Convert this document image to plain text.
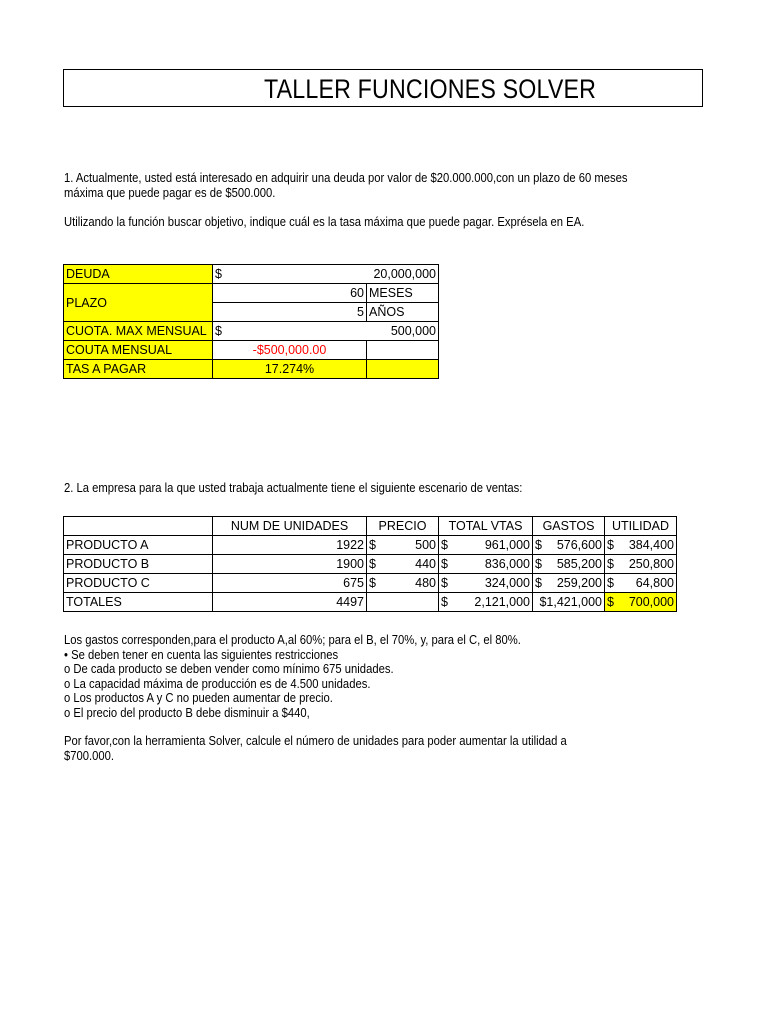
TALLER FUNCIONES SOLVER
1. Actualmente, usted está interesado en adquirir una deuda por valor de $20.000.000,con un plazo de 60 meses
máxima que puede pagar es de $500.000.
Utilizando la función buscar objetivo, indique cuál es la tasa máxima que puede pagar. Exprésela en EA.
DEUDA	$ 20,000,000	

PLAZO	60	MESES
	5	AÑOS
CUOTA. MAX MENSUAL	$ 500,000	

COUTA MENSUAL	-$500,000.00	
TAS A PAGAR	17.274%	
2. La empresa para la que usted trabaja actualmente tiene el siguiente escenario de ventas:
	NUM DE UNIDADES	PRECIO	TOTAL VTAS	GASTOS	UTILIDAD
PRODUCTO A	1922	$ 500	$ 961,000	$ 576,600	$ 384,400

PRODUCTO B	1900	$ 440	$ 836,000	$ 585,200	$ 250,800

PRODUCTO C	675	$ 480	$ 324,000	$ 259,200	$ 64,800

TOTALES	4497		$ 2,121,000	$1,421,000	$ 700,000
Los gastos corresponden,para el producto A,al 60%; para el B, el 70%, y, para el C, el 80%.
• Se deben tener en cuenta las siguientes restricciones
o De cada producto se deben vender como mínimo 675 unidades.
o La capacidad máxima de producción es de 4.500 unidades.
o Los productos A y C no pueden aumentar de precio.
o El precio del producto B debe disminuir a $440,
Por favor,con la herramienta Solver, calcule el número de unidades para poder aumentar la utilidad a
$700.000.
